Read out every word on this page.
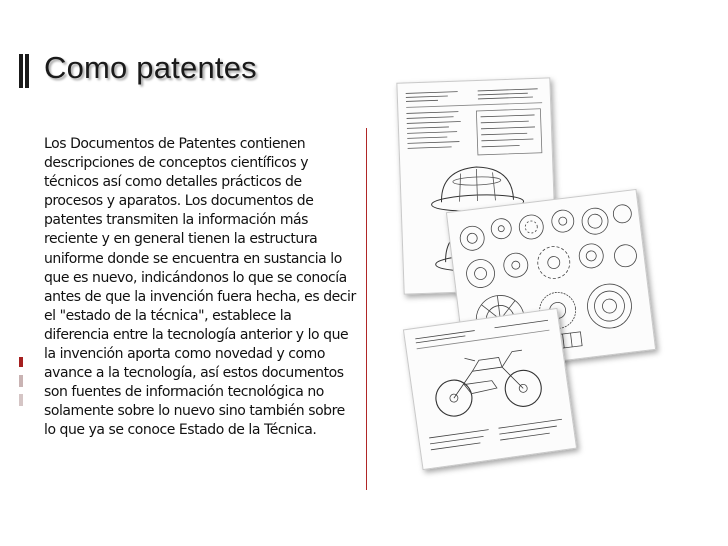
Como patentes

Los Documentos de Patentes contienen descripciones de conceptos científicos y técnicos así como detalles prácticos de procesos y aparatos. Los documentos de patentes transmiten la información más reciente y en general tienen la estructura uniforme donde se encuentra en sustancia lo que es nuevo, indicándonos lo que se conocía antes de que la invención fuera hecha, es decir el "estado de la técnica", establece la diferencia entre la tecnología anterior y lo que la invención aporta como novedad y como avance a la tecnología, así estos documentos son fuentes de información tecnológica no solamente sobre lo nuevo sino también sobre lo que ya se conoce Estado de la Técnica.
